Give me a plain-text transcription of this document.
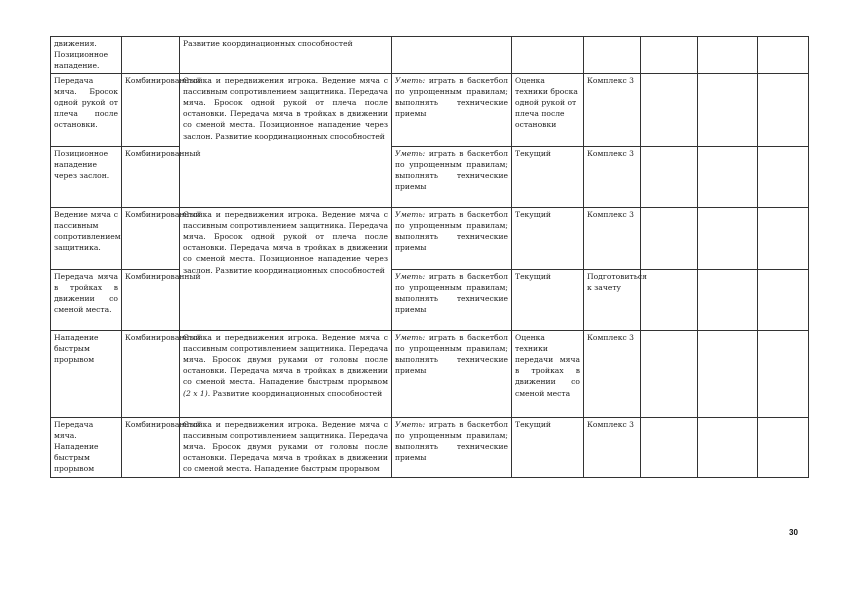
движения. Позиционное нападение.		Развитие координационных способностей						
Передача мяча. Бросок одной рукой от плеча после остановки.	Комбинированный	Стойка и передвижения игрока. Ведение мяча с пассивным сопротивлением защитника. Передача мяча. Бросок одной рукой от плеча после остановки. Передача мяча в тройках в движении со сменой места. Позиционное нападение через заслон. Развитие координационных способностей	Уметь: играть в баскетбол по упрощенным правилам; выполнять технические приемы	Оценка техники броска одной рукой от плеча после остановки	Комплекс 3			
Позиционное нападение через заслон.	Комбинированный		Уметь: играть в баскетбол по упрощенным правилам; выполнять технические приемы	Текущий	Комплекс 3			
Ведение мяча с пассивным сопротивлением защитника.	Комбинированный	Стойка и передвижения игрока. Ведение мяча с пассивным сопротивлением защитника. Передача мяча. Бросок одной рукой от плеча после остановки. Передача мяча в тройках в движении со сменой места. Позиционное нападение через заслон. Развитие координационных способностей	Уметь: играть в баскетбол по упрощенным правилам; выполнять технические приемы	Текущий	Комплекс 3			
Передача мяча в тройках в движении со сменой места.	Комбинированный		Уметь: играть в баскетбол по упрощенным правилам; выполнять технические приемы	Текущий	Подготовиться к зачету			
Нападение быстрым прорывом	Комбинированный	Стойка и передвижения игрока. Ведение мяча с пассивным сопротивлением защитника. Передача мяча. Бросок двумя руками от головы после остановки. Передача мяча в тройках в движении со сменой места. Нападение быстрым прорывом (2 х 1). Развитие координационных способностей	Уметь: играть в баскетбол по упрощенным правилам; выполнять технические приемы	Оценка техники передачи мяча в тройках в движении со сменой места	Комплекс 3			
Передача мяча. Нападение быстрым прорывом	Комбинированный	Стойка и передвижения игрока. Ведение мяча с пассивным сопротивлением защитника. Передача мяча. Бросок двумя руками от головы после остановки. Передача мяча в тройках в движении со сменой места. Нападение быстрым прорывом	Уметь: играть в баскетбол по упрощенным правилам; выполнять технические приемы	Текущий	Комплекс 3			
30
